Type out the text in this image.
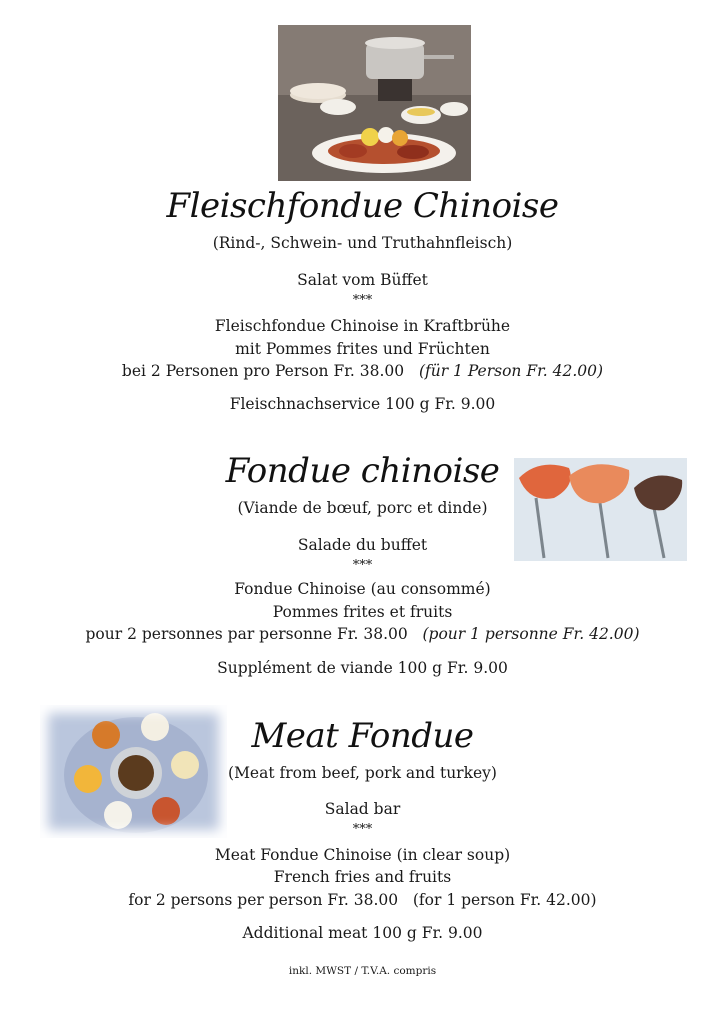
Fleischfondue Chinoise
(Rind-, Schwein- und Truthahnfleisch)
Salat vom Büffet
***
Fleischfondue Chinoise in Kraftbrühe
mit Pommes frites und Früchten
bei 2 Personen pro Person Fr. 38.00 (für 1 Person Fr. 42.00)
Fleischnachservice 100 g Fr. 9.00
Fondue chinoise
(Viande de bœuf, porc et dinde)
Salade du buffet
***
Fondue Chinoise (au consommé)
Pommes frites et fruits
pour 2 personnes par personne Fr. 38.00 (pour 1 personne Fr. 42.00)
Supplément de viande 100 g Fr. 9.00
Meat Fondue
(Meat from beef, pork and turkey)
Salad bar
***
Meat Fondue Chinoise (in clear soup)
French fries and fruits
for 2 persons per person Fr. 38.00 (for 1 person Fr. 42.00)
Additional meat 100 g Fr. 9.00
inkl. MWST / T.V.A. compris
